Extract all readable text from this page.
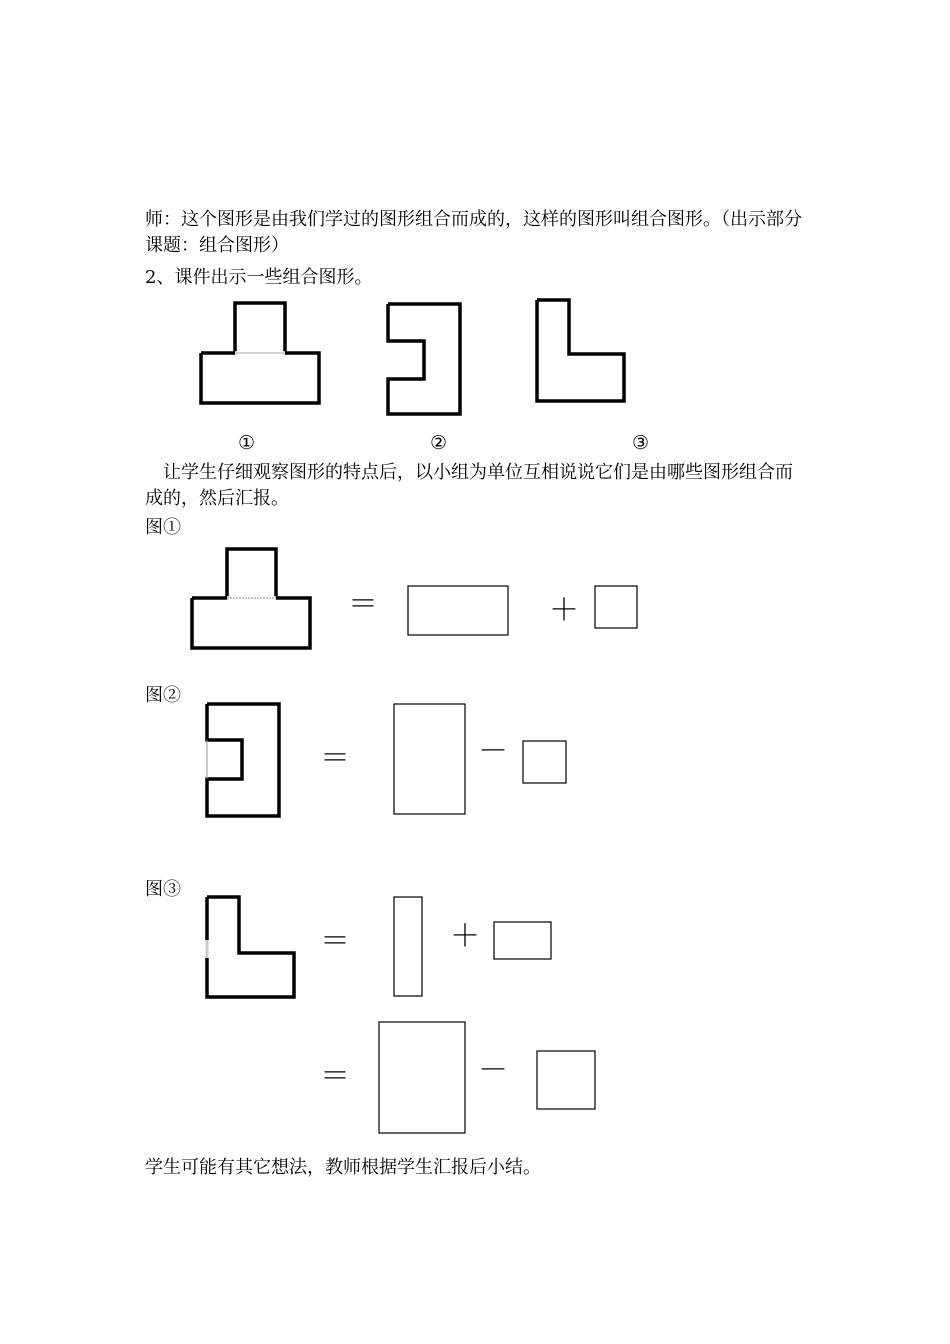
师：这个图形是由我们学过的图形组合而成的，这样的图形叫组合图形。（出示部分课题：组合图形）

2、课件出示一些组合图形。

　让学生仔细观察图形的特点后，以小组为单位互相说说它们是由哪些图形组合而成的，然后汇报。

图①

图②

图③

学生可能有其它想法，教师根据学生汇报后小结。

①	②	③
＝	＋
＝	－
＝	＋
＝	－
